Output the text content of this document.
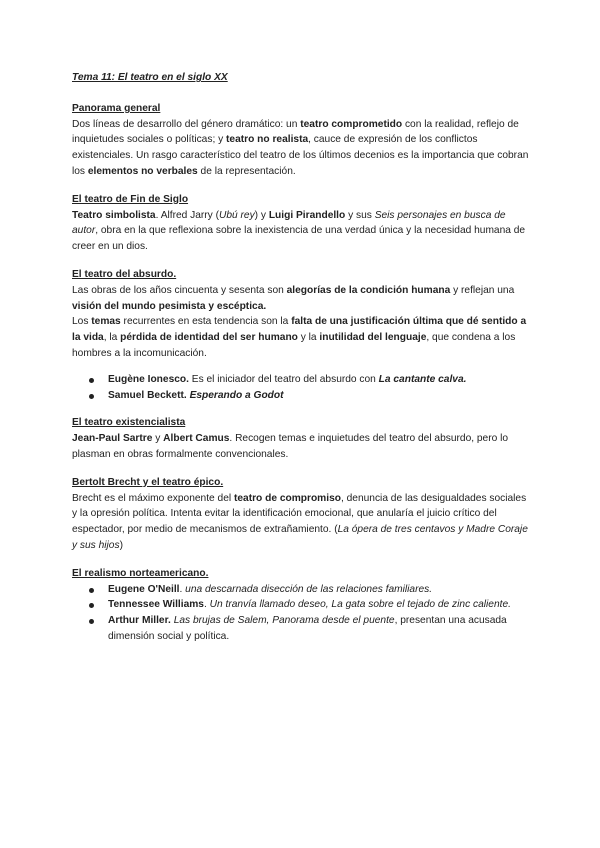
Tema 11: El teatro en el siglo XX

Panorama general

Dos líneas de desarrollo del género dramático: un teatro comprometido con la realidad, reflejo de inquietudes sociales o políticas; y teatro no realista, cauce de expresión de los conflictos existenciales. Un rasgo característico del teatro de los últimos decenios es la importancia que cobran los elementos no verbales de la representación.

El teatro de Fin de Siglo

Teatro simbolista. Alfred Jarry (Ubú rey) y Luigi Pirandello y sus Seis personajes en busca de autor, obra en la que reflexiona sobre la inexistencia de una verdad única y la necesidad humana de creer en un dios.

El teatro del absurdo.

Las obras de los años cincuenta y sesenta son alegorías de la condición humana y reflejan una visión del mundo pesimista y escéptica.

Los temas recurrentes en esta tendencia son la falta de una justificación última que dé sentido a la vida, la pérdida de identidad del ser humano y la inutilidad del lenguaje, que condena a los hombres a la incomunicación.

Eugène Ionesco. Es el iniciador del teatro del absurdo con La cantante calva.
Samuel Beckett. Esperando a Godot

El teatro existencialista

Jean-Paul Sartre y Albert Camus. Recogen temas e inquietudes del teatro del absurdo, pero lo plasman en obras formalmente convencionales.

Bertolt Brecht y el teatro épico.

Brecht es el máximo exponente del teatro de compromiso, denuncia de las desigualdades sociales y la opresión política. Intenta evitar la identificación emocional, que anularía el juicio crítico del espectador, por medio de mecanismos de extrañamiento. (La ópera de tres centavos y Madre Coraje y sus hijos)

El realismo norteamericano.

Eugene O'Neill. una descarnada disección de las relaciones familiares.
Tennessee Williams. Un tranvía llamado deseo, La gata sobre el tejado de zinc caliente.
Arthur Miller. Las brujas de Salem, Panorama desde el puente, presentan una acusada dimensión social y política.
